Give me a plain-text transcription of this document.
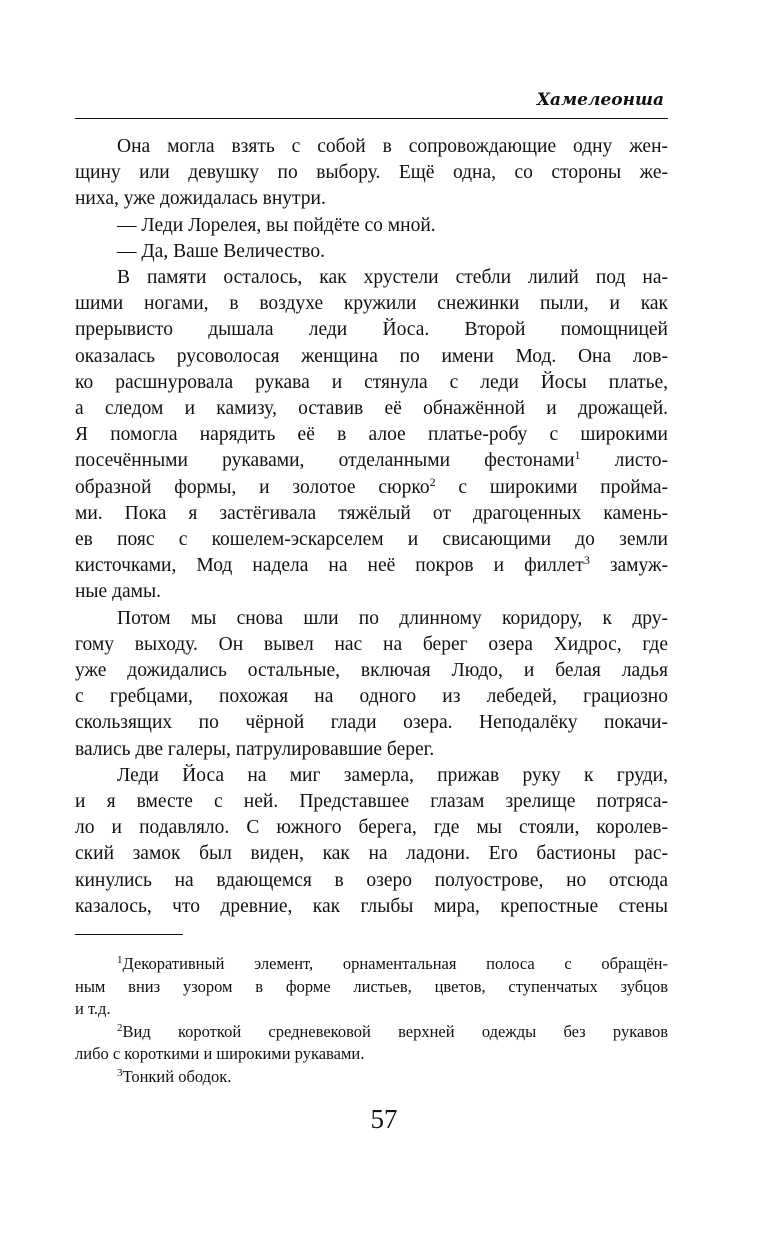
Хамелеонша

Она могла взять с собой в сопровождающие одну жен-
щину или девушку по выбору. Ещё одна, со стороны же-
ниха, уже дожидалась внутри.

— Леди Лорелея, вы пойдёте со мной.

— Да, Ваше Величество.

В памяти осталось, как хрустели стебли лилий под на-
шими ногами, в воздухе кружили снежинки пыли, и как
прерывисто дышала леди Йоса. Второй помощницей
оказалась русоволосая женщина по имени Мод. Она лов-
ко расшнуровала рукава и стянула с леди Йосы платье,
а следом и камизу, оставив её обнажённой и дрожащей.
Я помогла нарядить её в алое платье-робу с широкими
посечёнными рукавами, отделанными фестонами$^1$ листо-
образной формы, и золотое сюрко$^2$ с широкими пройма-
ми. Пока я застёгивала тяжёлый от драгоценных камень-
ев пояс с кошелем-эскарселем и свисающими до земли
кисточками, Мод надела на неё покров и филлет$^3$ замуж-
ные дамы.

Потом мы снова шли по длинному коридору, к дру-
гому выходу. Он вывел нас на берег озера Хидрос, где
уже дожидались остальные, включая Людо, и белая ладья
с гребцами, похожая на одного из лебедей, грациозно
скользящих по чёрной глади озера. Неподалёку покачи-
вались две галеры, патрулировавшие берег.

Леди Йоса на миг замерла, прижав руку к груди,
и я вместе с ней. Представшее глазам зрелище потряса-
ло и подавляло. С южного берега, где мы стояли, королев-
ский замок был виден, как на ладони. Его бастионы рас-
кинулись на вдающемся в озеро полуострове, но отсюда
казалось, что древние, как глыбы мира, крепостные стены

$^1$Декоративный элемент, орнаментальная полоса с обращён-
ным вниз узором в форме листьев, цветов, ступенчатых зубцов
и т.д.
$^2$Вид короткой средневековой верхней одежды без рукавов
либо с короткими и широкими рукавами.
$^3$Тонкий ободок.
57
